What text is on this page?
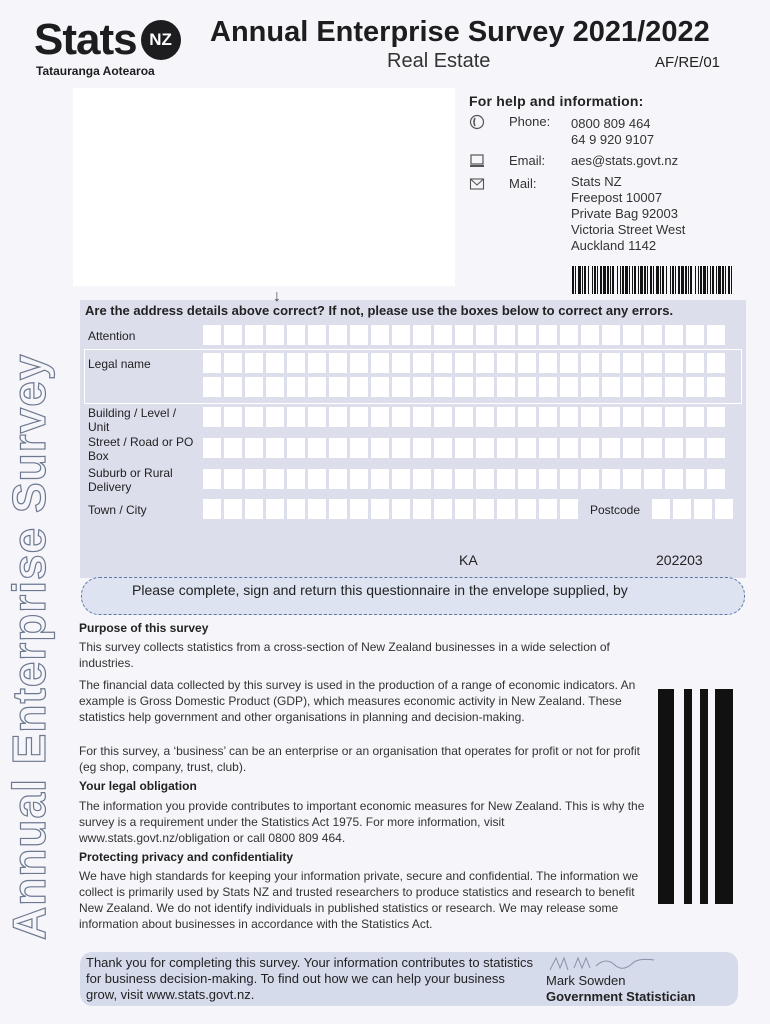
Stats NZ
Tatauranga Aotearoa
Annual Enterprise Survey 2021/2022
Real Estate	AF/RE/01
For help and information:
Phone: 0800 809 464
64 9 920 9107
Email: aes@stats.govt.nz
Mail:	Stats NZ
Freepost 10007
Private Bag 92003
Victoria Street West
Auckland 1142
↓
Are the address details above correct? If not, please use the boxes below to correct any errors.
Attention
Legal name
Building / Level / Unit
Street / Road or PO Box
Suburb or Rural Delivery
Town / City	Postcode
KA	202203
Please complete, sign and return this questionnaire in the envelope supplied, by
Annual Enterprise Survey Purpose of this survey
This survey collects statistics from a cross-section of New Zealand businesses in a wide selection of industries.
The financial data collected by this survey is used in the production of a range of economic indicators. An example is Gross Domestic Product (GDP), which measures economic activity in New Zealand. These statistics help government and other organisations in planning and decision-making.
For this survey, a ‘business’ can be an enterprise or an organisation that operates for profit or not for profit (eg shop, company, trust, club).
Your legal obligation
The information you provide contributes to important economic measures for New Zealand. This is why the survey is a requirement under the Statistics Act 1975. For more information, visit www.stats.govt.nz/obligation or call 0800 809 464.
Protecting privacy and confidentiality
We have high standards for keeping your information private, secure and confidential. The information we collect is primarily used by Stats NZ and trusted researchers to produce statistics and research to benefit New Zealand. We do not identify individuals in published statistics or research. We may release some information about businesses in accordance with the Statistics Act.
Thank you for completing this survey. Your information contributes to statistics for business decision-making. To find out how we can help your business grow, visit www.stats.govt.nz.
Mark Sowden
Government Statistician
